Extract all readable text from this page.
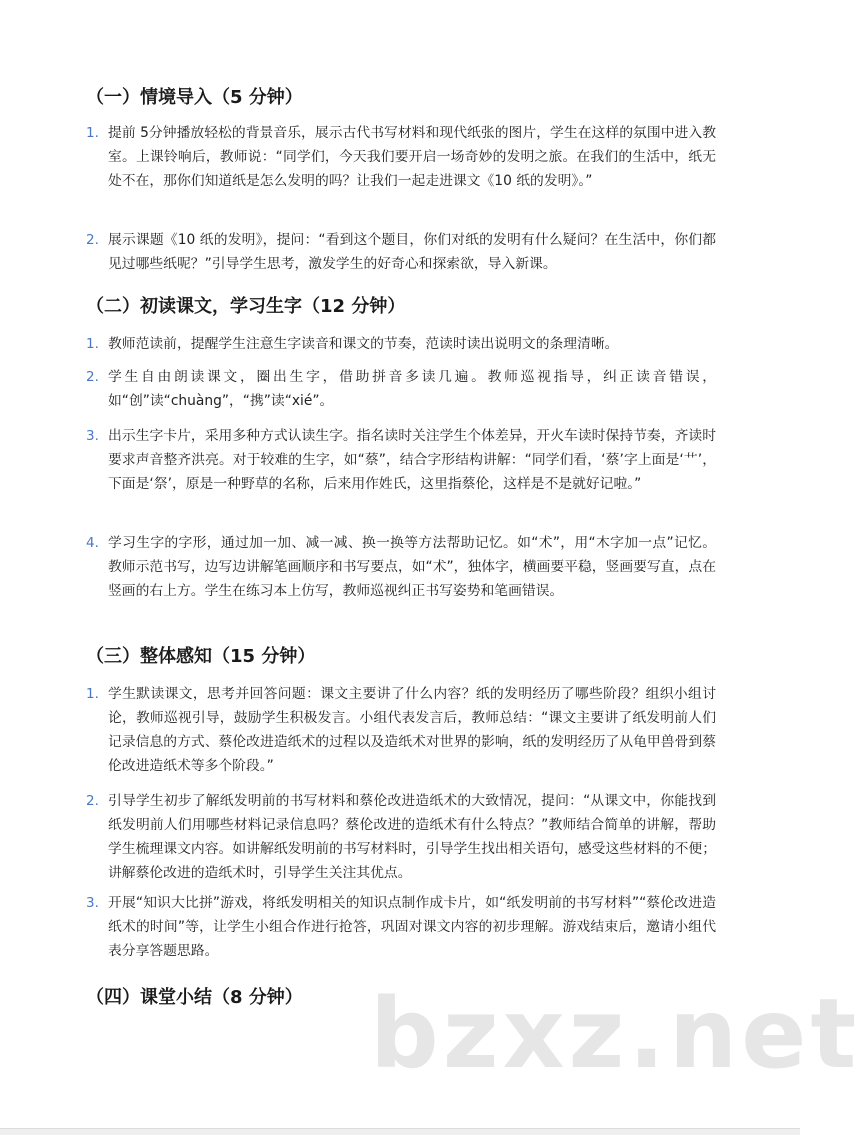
（一）情境导入（5 分钟）
1. 提前 5分钟播放轻松的背景音乐，展示古代书写材料和现代纸张的图片，学生在这样的氛围中进入教室。上课铃响后，教师说：“同学们，今天我们要开启一场奇妙的发明之旅。在我们的生活中，纸无处不在，那你们知道纸是怎么发明的吗？让我们一起走进课文《10 纸的发明》。”
2. 展示课题《10 纸的发明》，提问：“看到这个题目，你们对纸的发明有什么疑问？在生活中，你们都见过哪些纸呢？”引导学生思考，激发学生的好奇心和探索欲，导入新课。
（二）初读课文，学习生字（12 分钟）
1. 教师范读前，提醒学生注意生字读音和课文的节奏，范读时读出说明文的条理清晰。
2. 学生自由朗读课文，圈出生字，借助拼音多读几遍。教师巡视指导，纠正读音错误，如“创”读“chuàng”，“携”读“xié”。
3. 出示生字卡片，采用多种方式认读生字。指名读时关注学生个体差异，开火车读时保持节奏，齐读时要求声音整齐洪亮。对于较难的生字，如“蔡”，结合字形结构讲解：“同学们看，‘蔡’字上面是‘艹’，下面是‘祭’，原是一种野草的名称，后来用作姓氏，这里指蔡伦，这样是不是就好记啦。”
4. 学习生字的字形，通过加一加、减一减、换一换等方法帮助记忆。如“术”，用“木字加一点”记忆。教师示范书写，边写边讲解笔画顺序和书写要点，如“术”，独体字，横画要平稳，竖画要写直，点在竖画的右上方。学生在练习本上仿写，教师巡视纠正书写姿势和笔画错误。
（三）整体感知（15 分钟）
1. 学生默读课文，思考并回答问题：课文主要讲了什么内容？纸的发明经历了哪些阶段？组织小组讨论，教师巡视引导，鼓励学生积极发言。小组代表发言后，教师总结：“课文主要讲了纸发明前人们记录信息的方式、蔡伦改进造纸术的过程以及造纸术对世界的影响，纸的发明经历了从龟甲兽骨到蔡伦改进造纸术等多个阶段。”
2. 引导学生初步了解纸发明前的书写材料和蔡伦改进造纸术的大致情况，提问：“从课文中，你能找到纸发明前人们用哪些材料记录信息吗？蔡伦改进的造纸术有什么特点？”教师结合简单的讲解，帮助学生梳理课文内容。如讲解纸发明前的书写材料时，引导学生找出相关语句，感受这些材料的不便；讲解蔡伦改进的造纸术时，引导学生关注其优点。
3. 开展“知识大比拼”游戏，将纸发明相关的知识点制作成卡片，如“纸发明前的书写材料”“蔡伦改进造纸术的时间”等，让学生小组合作进行抢答，巩固对课文内容的初步理解。游戏结束后，邀请小组代表分享答题思路。
（四）课堂小结（8 分钟） bzxz.net
